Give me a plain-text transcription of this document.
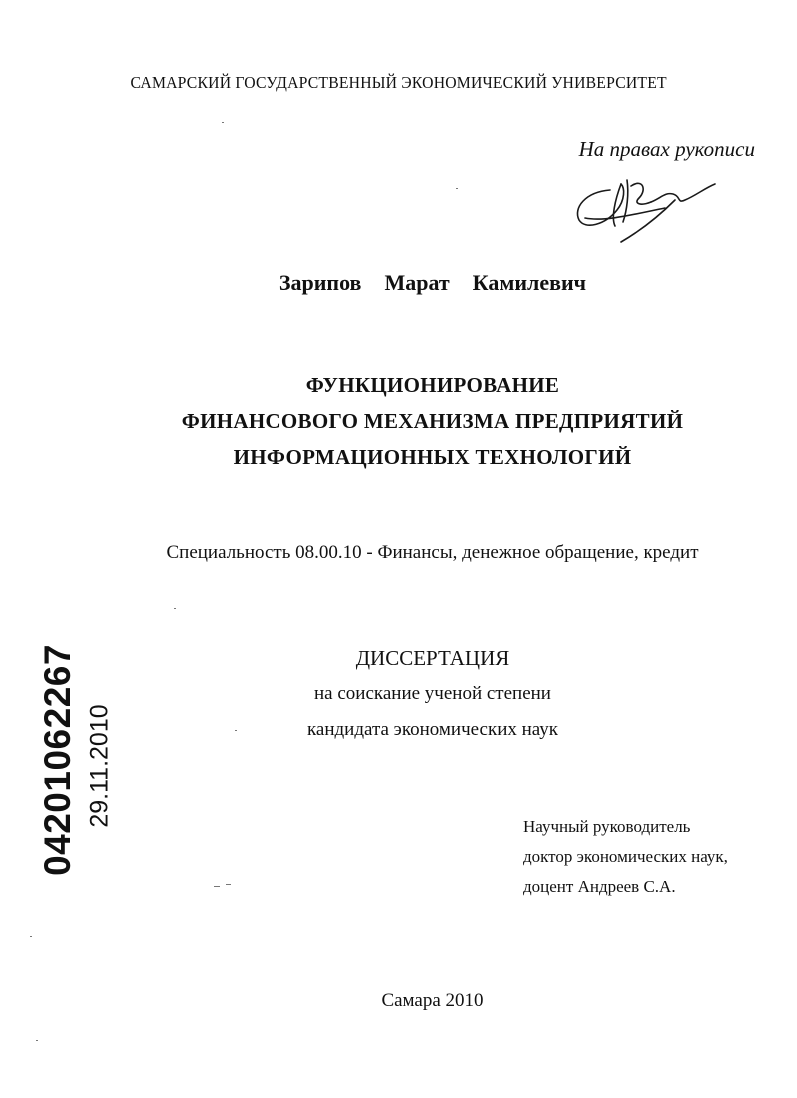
САМАРСКИЙ ГОСУДАРСТВЕННЫЙ ЭКОНОМИЧЕСКИЙ УНИВЕРСИТЕТ
На правах рукописи
Зарипов  Марат  Камилевич
ФУНКЦИОНИРОВАНИЕ
ФИНАНСОВОГО МЕХАНИЗМА ПРЕДПРИЯТИЙ
ИНФОРМАЦИОННЫХ ТЕХНОЛОГИЙ
Специальность 08.00.10 - Финансы, денежное обращение, кредит
ДИССЕРТАЦИЯ
на соискание ученой степени
кандидата экономических наук
Научный руководитель
доктор экономических наук,
доцент Андреев С.А.
Самара 2010
04201062267 29.11.2010
